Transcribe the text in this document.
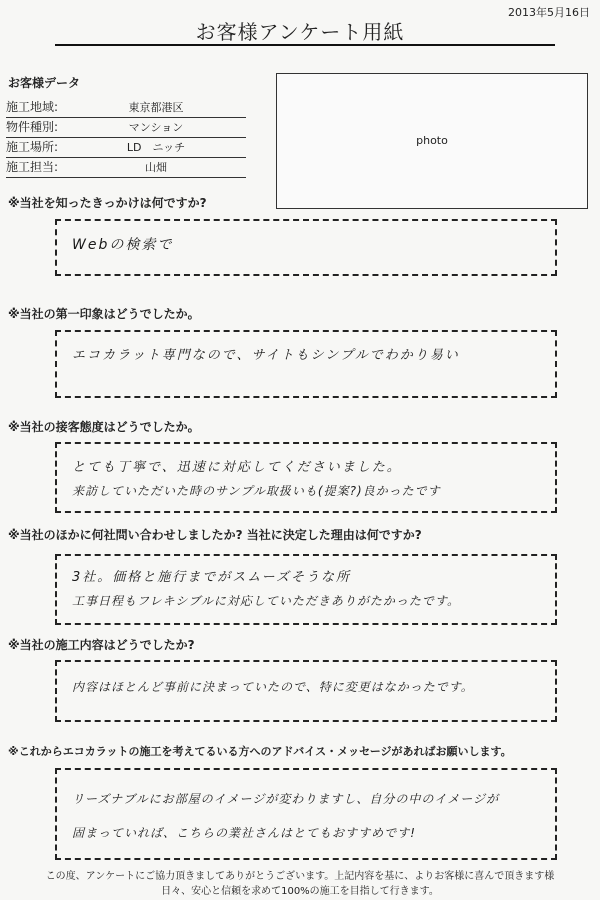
2013年5月16日
お客様アンケート用紙
お客様データ
施工地域:	東京都港区
物件種別:	マンション
施工場所:	LD　ニッチ
施工担当:	山畑
photo
※当社を知ったきっかけは何ですか?
Webの検索で
※当社の第一印象はどうでしたか。
エコカラット専門なので、サイトもシンプルでわかり易い
※当社の接客態度はどうでしたか。
とても丁寧で、迅速に対応してくださいました。
来訪していただいた時のサンプル取扱いも(提案?)良かったです
※当社のほかに何社問い合わせしましたか? 当社に決定した理由は何ですか?
3社。価格と施行までがスムーズそうな所
工事日程もフレキシブルに対応していただきありがたかったです。
※当社の施工内容はどうでしたか?
内容はほとんど事前に決まっていたので、特に変更はなかったです。
※これからエコカラットの施工を考えてるいる方へのアドバイス・メッセージがあればお願いします。
リーズナブルにお部屋のイメージが変わりますし、自分の中のイメージが
固まっていれば、こちらの業社さんはとてもおすすめです!
この度、アンケートにご協力頂きましてありがとうございます。上記内容を基に、よりお客様に喜んで頂きます様
日々、安心と信頼を求めて100%の施工を目指して行きます。
